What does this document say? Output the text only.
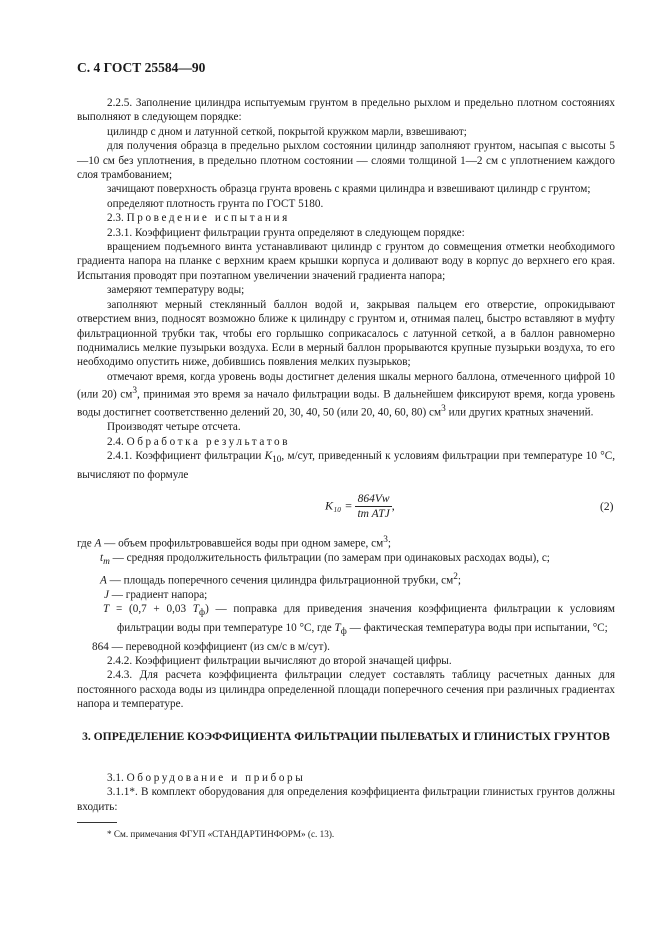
С. 4 ГОСТ 25584—90

2.2.5. Заполнение цилиндра испытуемым грунтом в предельно рыхлом и предельно плотном состояниях выполняют в следующем порядке:

цилиндр с дном и латунной сеткой, покрытой кружком марли, взвешивают;

для получения образца в предельно рыхлом состоянии цилиндр заполняют грунтом, насыпая с высоты 5—10 см без уплотнения, в предельно плотном состоянии — слоями толщиной 1—2 см с уплотнением каждого слоя трамбованием;

зачищают поверхность образца грунта вровень с краями цилиндра и взвешивают цилиндр с грунтом;

определяют плотность грунта по ГОСТ 5180.

2.3. Проведение испытания

2.3.1. Коэффициент фильтрации грунта определяют в следующем порядке:

вращением подъемного винта устанавливают цилиндр с грунтом до совмещения отметки необходимого градиента напора на планке с верхним краем крышки корпуса и доливают воду в корпус до верхнего его края. Испытания проводят при поэтапном увеличении значений градиента напора;

замеряют температуру воды;

заполняют мерный стеклянный баллон водой и, закрывая пальцем его отверстие, опрокидывают отверстием вниз, подносят возможно ближе к цилиндру с грунтом и, отнимая палец, быстро вставляют в муфту фильтрационной трубки так, чтобы его горлышко соприкасалось с латунной сеткой, а в баллон равномерно поднимались мелкие пузырьки воздуха. Если в мерный баллон прорываются крупные пузырьки воздуха, то его необходимо опустить ниже, добившись появления мелких пузырьков;

отмечают время, когда уровень воды достигнет деления шкалы мерного баллона, отмеченного цифрой 10 (или 20) $см^3$, принимая это время за начало фильтрации воды. В дальнейшем фиксируют время, когда уровень воды достигнет соответственно делений 20, 30, 40, 50 (или 20, 40, 60, 80) $см^3$ или других кратных значений.

Производят четыре отсчета.

2.4. Обработка результатов

2.4.1. Коэффициент фильтрации $K_{10}$, м/сут, приведенный к условиям фильтрации при температуре 10 °С, вычисляют по формуле

$K_{10} = \frac{864Vw}{\text{tm ATJ}}$ ,	(2)

где A — объем профильтровавшейся воды при одном замере, $см^3$;

$t_m$ — средняя продолжительность фильтрации (по замерам при одинаковых расходах воды), с;

A — площадь поперечного сечения цилиндра фильтрационной трубки, $см^2$;

J — градиент напора;

T = (0,7 + 0,03 $T_ф$) — поправка для приведения значения коэффициента фильтрации к условиям фильтрации воды при температуре 10 °С, где $T_ф$ — фактическая температура воды при испытании, °С;

864 — переводной коэффициент (из см/с в м/сут).

2.4.2. Коэффициент фильтрации вычисляют до второй значащей цифры.

2.4.3. Для расчета коэффициента фильтрации следует составлять таблицу расчетных данных для постоянного расхода воды из цилиндра определенной площади поперечного сечения при различных градиентах напора и температуре.

3. ОПРЕДЕЛЕНИЕ КОЭФФИЦИЕНТА ФИЛЬТРАЦИИ ПЫЛЕВАТЫХ И ГЛИНИСТЫХ ГРУНТОВ

3.1. Оборудование и приборы

3.1.1*. В комплект оборудования для определения коэффициента фильтрации глинистых грунтов должны входить:

* См. примечания ФГУП «СТАНДАРТИНФОРМ» (с. 13).
